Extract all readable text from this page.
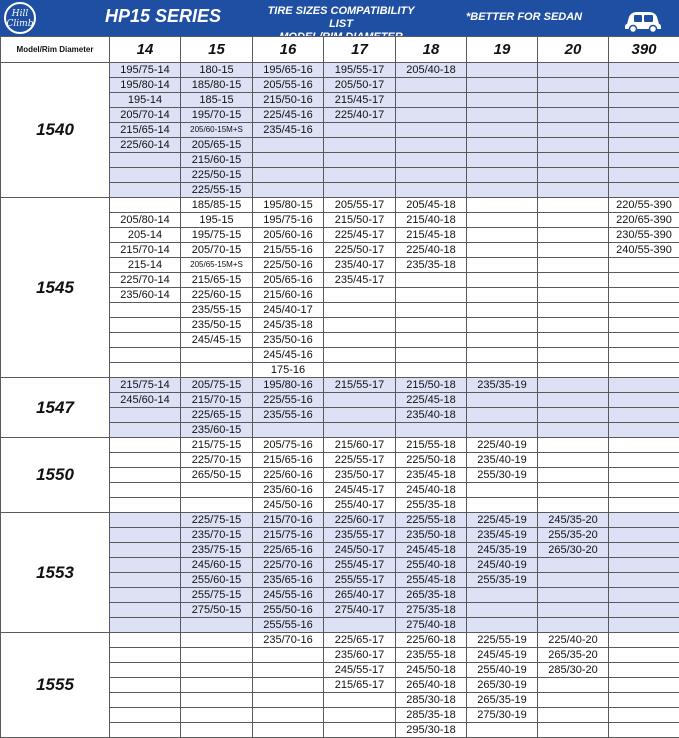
Hill Climb	HP15 SERIES	TIRE SIZES COMPATIBILITY LIST
MODEL/RIM DIAMETER
*BETTER FOR SEDAN
Model/Rim Diameter	14	15	16	17	18	19	20	390
1540	195/75-14	180-15	195/65-16	195/55-17	205/40-18			
	195/80-14	185/80-15	205/55-16	205/50-17				
	195-14	185-15	215/50-16	215/45-17				
	205/70-14	195/70-15	225/45-16	225/40-17				
	215/65-14	205/60-15M+S	235/45-16					
	225/60-14	205/65-15						
		215/60-15						
		225/50-15						
		225/55-15						
1545		185/85-15	195/80-15	205/55-17	205/45-18			220/55-390
	205/80-14	195-15	195/75-16	215/50-17	215/40-18			220/65-390
	205-14	195/75-15	205/60-16	225/45-17	215/45-18			230/55-390
	215/70-14	205/70-15	215/55-16	225/50-17	225/40-18			240/55-390
	215-14	205/65-15M+S	225/50-16	235/40-17	235/35-18			
	225/70-14	215/65-15	205/65-16	235/45-17				
	235/60-14	225/60-15	215/60-16					
		235/55-15	245/40-17					
		235/50-15	245/35-18					
		245/45-15	235/50-16					
			245/45-16					
			175-16					
1547	215/75-14	205/75-15	195/80-16	215/55-17	215/50-18	235/35-19		
	245/60-14	215/70-15	225/55-16		225/45-18			
		225/65-15	235/55-16		235/40-18			
		235/60-15						
1550		215/75-15	205/75-16	215/60-17	215/55-18	225/40-19		
		225/70-15	215/65-16	225/55-17	225/50-18	235/40-19		
		265/50-15	225/60-16	235/50-17	235/45-18	255/30-19		
			235/60-16	245/45-17	245/40-18			
			245/50-16	255/40-17	255/35-18			
1553		225/75-15	215/70-16	225/60-17	225/55-18	225/45-19	245/35-20	
		235/70-15	215/75-16	235/55-17	235/50-18	235/45-19	255/35-20	
		235/75-15	225/65-16	245/50-17	245/45-18	245/35-19	265/30-20	
		245/60-15	225/70-16	255/45-17	255/40-18	245/40-19		
		255/60-15	235/65-16	255/55-17	255/45-18	255/35-19		
		255/75-15	245/55-16	265/40-17	265/35-18			
		275/50-15	255/50-16	275/40-17	275/35-18			
			255/55-16		275/40-18			
1555			235/70-16	225/65-17	225/60-18	225/55-19	225/40-20	
				235/60-17	235/55-18	245/45-19	265/35-20	
				245/55-17	245/50-18	255/40-19	285/30-20	
				215/65-17	265/40-18	265/30-19		
					285/30-18	265/35-19		
					285/35-18	275/30-19		
					295/30-18			
